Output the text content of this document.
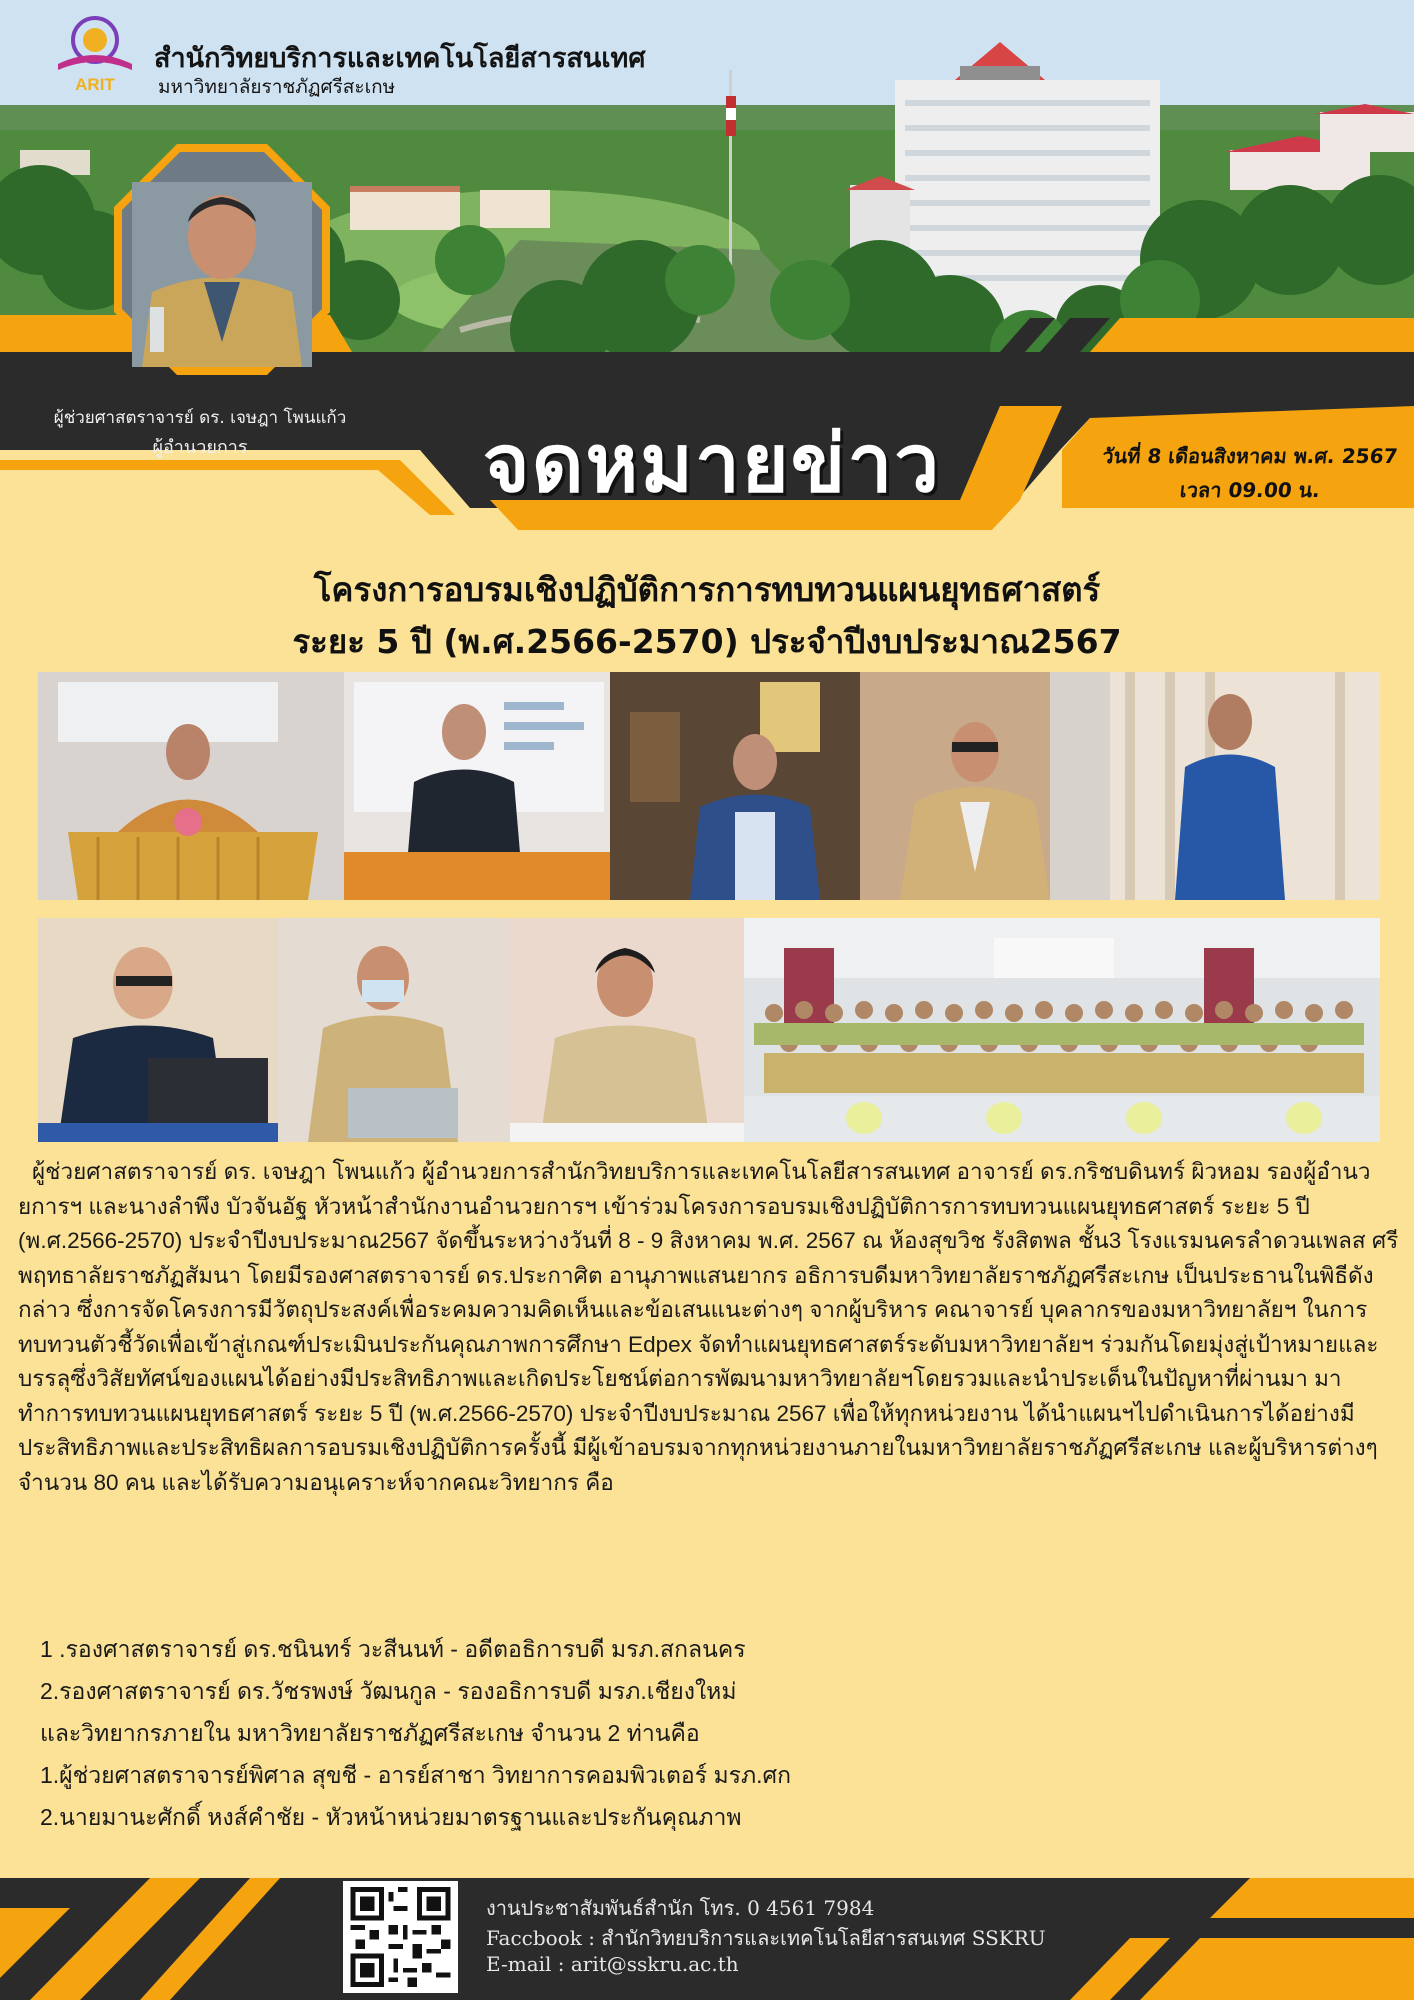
ARIT
สำนักวิทยบริการและเทคโนโลยีสารสนเทศ
มหาวิทยาลัยราชภัฏศรีสะเกษ
ผู้ช่วยศาสตราจารย์ ดร. เจษฎา โพนแก้ว
ผู้อำนวยการ	จดหมายข่าว	วันที่ 8 เดือนสิงหาคม พ.ศ. 2567
เวลา 09.00 น.
โครงการอบรมเชิงปฏิบัติการการทบทวนแผนยุทธศาสตร์
ระยะ 5 ปี (พ.ศ.2566-2570) ประจำปีงบประมาณ2567

ผู้ช่วยศาสตราจารย์ ดร. เจษฎา โพนแก้ว ผู้อำนวยการสำนักวิทยบริการและเทคโนโลยีสารสนเทศ อาจารย์ ดร.กริชบดินทร์ ผิวหอม รองผู้อำนวยการฯ และนางลำพึง บัวจันอัฐ หัวหน้าสำนักงานอำนวยการฯ เข้าร่วมโครงการอบรมเชิงปฏิบัติการการทบทวนแผนยุทธศาสตร์ ระยะ 5 ปี (พ.ศ.2566-2570) ประจำปีงบประมาณ2567 จัดขึ้นระหว่างวันที่ 8 - 9 สิงหาคม พ.ศ. 2567 ณ ห้องสุขวิช รังสิตพล ชั้น3 โรงแรมนครลำดวนเพลส ศรีพฤทธาลัยราชภัฏสัมนา โดยมีรองศาสตราจารย์ ดร.ประกาศิต อานุภาพแสนยากร อธิการบดีมหาวิทยาลัยราชภัฏศรีสะเกษ เป็นประธานในพิธีดังกล่าว ซึ่งการจัดโครงการมีวัตถุประสงค์เพื่อระคมความคิดเห็นและข้อเสนแนะต่างๆ จากผู้บริหาร คณาจารย์ บุคลากรของมหาวิทยาลัยฯ ในการทบทวนตัวชี้วัดเพื่อเข้าสู่เกณฑ์ประเมินประกันคุณภาพการศึกษา Edpex จัดทำแผนยุทธศาสตร์ระดับมหาวิทยาลัยฯ ร่วมกันโดยมุ่งสู่เป้าหมายและบรรลุซึ่งวิสัยทัศน์ของแผนได้อย่างมีประสิทธิภาพและเกิดประโยชน์ต่อการพัฒนามหาวิทยาลัยฯโดยรวมและนำประเด็นในปัญหาที่ผ่านมา มาทำการทบทวนแผนยุทธศาสตร์ ระยะ 5 ปี (พ.ศ.2566-2570) ประจำปีงบประมาณ 2567 เพื่อให้ทุกหน่วยงาน ได้นำแผนฯไปดำเนินการได้อย่างมีประสิทธิภาพและประสิทธิผลการอบรมเชิงปฏิบัติการครั้งนี้ มีผู้เข้าอบรมจากทุกหน่วยงานภายในมหาวิทยาลัยราชภัฏศรีสะเกษ และผู้บริหารต่างๆ จำนวน 80 คน และได้รับความอนุเคราะห์จากคณะวิทยากร คือ

1 .รองศาสตราจารย์ ดร.ชนินทร์ วะสีนนท์ - อดีตอธิการบดี มรภ.สกลนคร
2.รองศาสตราจารย์ ดร.วัชรพงษ์ วัฒนกูล - รองอธิการบดี มรภ.เชียงใหม่
และวิทยากรภายใน มหาวิทยาลัยราชภัฏศรีสะเกษ จำนวน 2 ท่านคือ
1.ผู้ช่วยศาสตราจารย์พิศาล สุขชี - อารย์สาชา วิทยาการคอมพิวเตอร์ มรภ.ศก
2.นายมานะศักดิ์ หงส์คำชัย - หัวหน้าหน่วยมาตรฐานและประกันคุณภาพ
งานประชาสัมพันธ์สำนัก โทร. 0 4561 7984
Faccbook : สำนักวิทยบริการและเทคโนโลยีสารสนเทศ SSKRU
E-mail : arit@sskru.ac.th
